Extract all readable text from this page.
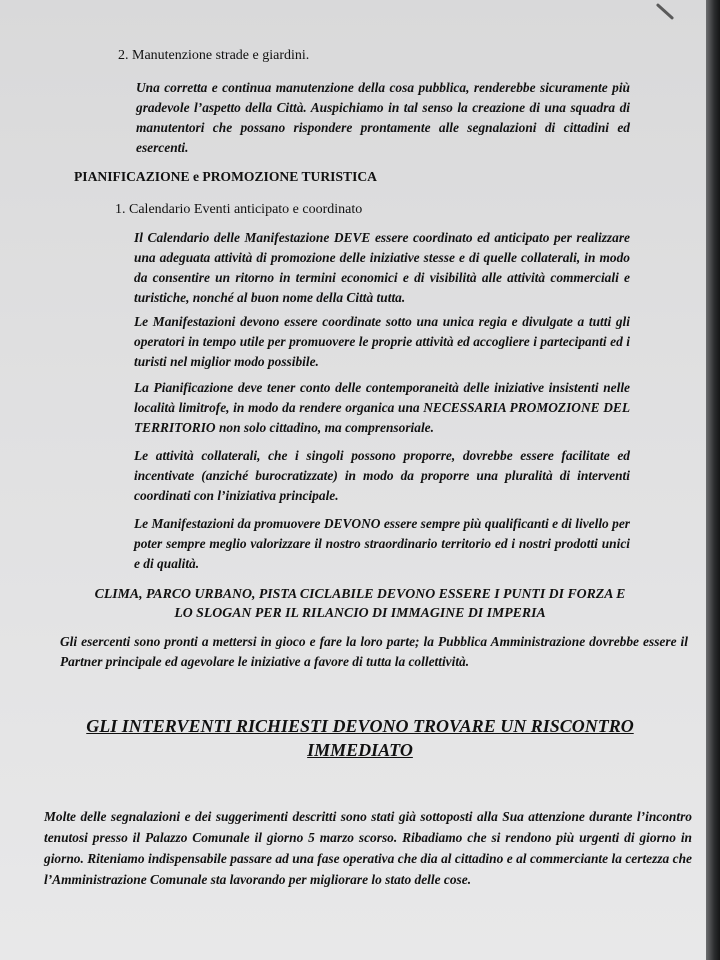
2. Manutenzione strade e giardini.

Una corretta e continua manutenzione della cosa pubblica, renderebbe sicuramente più gradevole l’aspetto della Città. Auspichiamo in tal senso la creazione di una squadra di manutentori che possano rispondere prontamente alle segnalazioni di cittadini ed esercenti.

PIANIFICAZIONE e PROMOZIONE TURISTICA
1. Calendario Eventi anticipato e coordinato

Il Calendario delle Manifestazione DEVE essere coordinato ed anticipato per realizzare una adeguata attività di promozione delle iniziative stesse e di quelle collaterali, in modo da consentire un ritorno in termini economici e di visibilità alle attività commerciali e turistiche, nonché al buon nome della Città tutta.

Le Manifestazioni devono essere coordinate sotto una unica regia e divulgate a tutti gli operatori in tempo utile per promuovere le proprie attività ed accogliere i partecipanti ed i turisti nel miglior modo possibile.

La Pianificazione deve tener conto delle contemporaneità delle iniziative insistenti nelle località limitrofe, in modo da rendere organica una NECESSARIA PROMOZIONE DEL TERRITORIO non solo cittadino, ma comprensoriale.

Le attività collaterali, che i singoli possono proporre, dovrebbe essere facilitate ed incentivate (anziché burocratizzate) in modo da proporre una pluralità di interventi coordinati con l’iniziativa principale.

Le Manifestazioni da promuovere DEVONO essere sempre più qualificanti e di livello per poter sempre meglio valorizzare il nostro straordinario territorio ed i nostri prodotti unici e di qualità.

CLIMA, PARCO URBANO, PISTA CICLABILE DEVONO ESSERE I PUNTI DI FORZA E
LO SLOGAN PER IL RILANCIO DI IMMAGINE DI IMPERIA

Gli esercenti sono pronti a mettersi in gioco e fare la loro parte; la Pubblica Amministrazione dovrebbe essere il Partner principale ed agevolare le iniziative a favore di tutta la collettività.

GLI INTERVENTI RICHIESTI DEVONO TROVARE UN RISCONTRO
IMMEDIATO

Molte delle segnalazioni e dei suggerimenti descritti sono stati già sottoposti alla Sua attenzione durante l’incontro tenutosi presso il Palazzo Comunale il giorno 5 marzo scorso. Ribadiamo che si rendono più urgenti di giorno in giorno. Riteniamo indispensabile passare ad una fase operativa che dia al cittadino e al commerciante la certezza che l’Amministrazione Comunale sta lavorando per migliorare lo stato delle cose.
